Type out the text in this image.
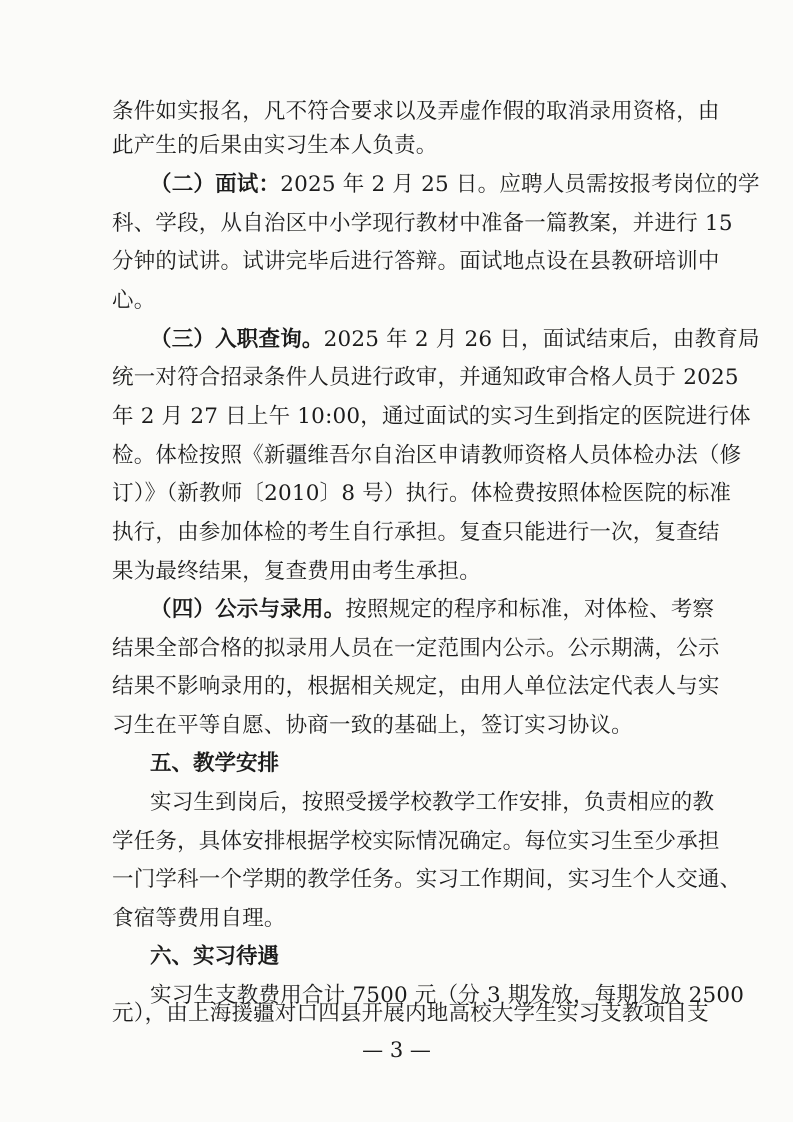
条件如实报名，凡不符合要求以及弄虚作假的取消录用资格，由
此产生的后果由实习生本人负责。
（二）面试：2025 年 2 月 25 日。应聘人员需按报考岗位的学
科、学段，从自治区中小学现行教材中准备一篇教案，并进行 15
分钟的试讲。试讲完毕后进行答辩。面试地点设在县教研培训中
心。
（三）入职查询。2025 年 2 月 26 日，面试结束后，由教育局
统一对符合招录条件人员进行政审，并通知政审合格人员于 2025
年 2 月 27 日上午 10:00，通过面试的实习生到指定的医院进行体
检。体检按照《新疆维吾尔自治区申请教师资格人员体检办法（修
订）》（新教师〔2010〕8 号）执行。体检费按照体检医院的标准
执行，由参加体检的考生自行承担。复查只能进行一次，复查结
果为最终结果，复查费用由考生承担。
（四）公示与录用。按照规定的程序和标准，对体检、考察
结果全部合格的拟录用人员在一定范围内公示。公示期满，公示
结果不影响录用的，根据相关规定，由用人单位法定代表人与实
习生在平等自愿、协商一致的基础上，签订实习协议。
五、教学安排
实习生到岗后，按照受援学校教学工作安排，负责相应的教
学任务，具体安排根据学校实际情况确定。每位实习生至少承担
一门学科一个学期的教学任务。实习工作期间，实习生个人交通、
食宿等费用自理。
六、实习待遇
实习生支教费用合计 7500 元（分 3 期发放，每期发放 2500
元），由上海援疆对口四县开展内地高校大学生实习支教项目支
— 3 —
